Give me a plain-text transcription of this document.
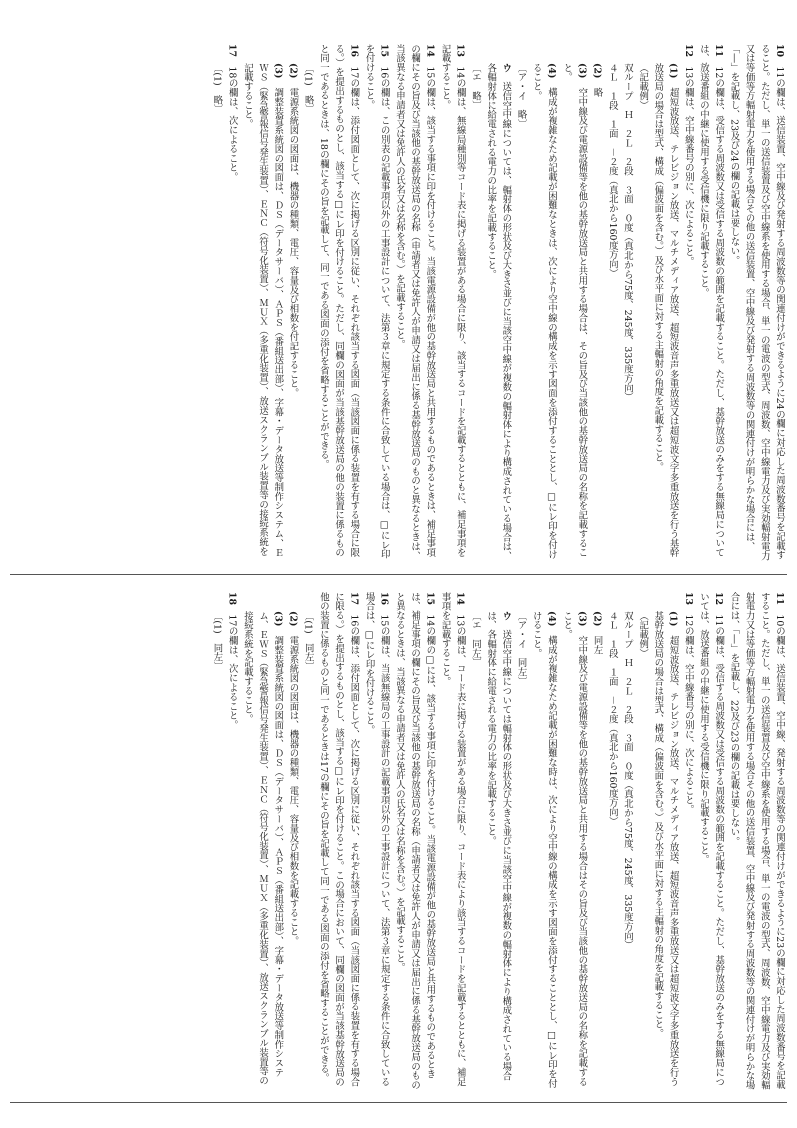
10　11の欄は、送信装置、空中線及び発射する周波数等の関連付けができるように24の欄に対応した周波数番号を記載すること。ただし、単一の送信装置及び空中線系を使用する場合、単一の電波の型式、周波数、空中線電力及び実効輻射電力又は等価等方輻射電力を使用する場合その他の送信装置、空中線及び発射する周波数等の関連付けが明らかな場合には、「―」を記載し、23及び24の欄の記載は要しない。

11　12の欄は、受信する周波数又は受信する周波数の範囲を記載すること。ただし、基幹放送のみをする無線局については、放送番組の中継に使用する受信機に限り記載すること。

12　13の欄は、空中線番号の別に、次によること。

(1)　超短波放送、テレビジョン放送、マルチメディア放送、超短波音声多重放送又は超短波文字多重放送を行う基幹放送局の場合は型式、構成（偏波面を含む。）及び水平面に対する主輻射の角度を記載すること。

（記載例）

双ループ　Ｈ　２Ｌ　２段　３面　０度（真北から75度、245度、335度方向）

４Ｌ　１段　１面　－２度（真北から160度方向）

(2)　略

(3)　空中線及び電源設備等を他の基幹放送局と共用する場合は、その旨及び当該他の基幹放送局の名称を記載すること。

(4)　構成が複雑なため記載が困難なときは、次により空中線の構成を示す図面を添付することとし、□にレ印を付けること。

〔ア・イ　略〕

ウ　送信空中線については、輻射体の形状及び大きさ並びに当該空中線が複数の輻射体により構成されている場合は、各輻射体に給電される電力の比率を記載すること。

〔エ　略〕

13　14の欄は、無線局種別等コード表に掲げる装置がある場合に限り、該当するコードを記載するとともに、補足事項を記載すること。

14　15の欄は、該当する事項に印を付けること。当該電源設備が他の基幹放送局と共用するものであるときは、補足事項の欄にその旨及び当該他の基幹放送局の名称（申請者又は免許人が申請又は届出に係る基幹放送局のものと異なるときは、当該異なる申請者又は免許人の氏名又は名称を含む。）を記載すること。

15　16の欄は、この別表の記載事項以外の工事設計について、法第３章に規定する条件に合致している場合は、□にレ印を付けること。

16　17の欄は、添付図面として、次に掲げる区別に従い、それぞれ該当する図面（当該図面に係る装置を有する場合に限る。）を提出するものとし、該当する□にレ印を付けること。ただし、同欄の図面が当該基幹放送局の他の装置に係るものと同一であるときは、18の欄にその旨を記載して、同一である図面の添付を省略することができる。

〔(1)　略〕

(2)　電源系統図の図面は、機器の種類、電圧、容量及び相数を付記すること。

(3)　調整装置系統図の図面は、ＤＳ（データサーバ）、ＡＰＳ（番組送出部）、字幕・データ放送等制作システム、ＥＷＳ（緊急警報信号発生装置）、ＥＮＣ（符号化装置）、ＭＵＸ（多重化装置）、放送スクランブル装置等の接続系統を記載すること。

17　18の欄は、次によること。

〔(1)　略〕

11　10の欄は、送信装置、空中線、発射する周波数等の関連付けができるように23の欄に対応した周波数番号を記載すること。ただし、単一の送信装置及び空中線系を使用する場合、単一の電波の型式、周波数、空中線電力及び実効輻射電力又は等価等方輻射電力を使用する場合その他の送信装置、空中線及び発射する周波数等の関連付けが明らかな場合には、「―」を記載し、22及び23の欄の記載は要しない。

12　11の欄は、受信する周波数又は受信する周波数の範囲を記載すること。ただし、基幹放送のみをする無線局については、放送番組の中継に使用する受信機に限り記載すること。

13　12の欄は、空中線番号の別に、次によること。

(1)　超短波放送、テレビジョン放送、マルチメディア放送、超短波音声多重放送又は超短波文字多重放送を行う基幹放送局の場合は型式、構成（偏波面を含む。）及び水平面に対する主輻射の角度を記載すること。

（記載例）

双ループ　Ｈ　２Ｌ　２段　３面　０度（真北から75度、245度、335度方向）

４Ｌ　１段　１面　－２度（真北から160度方向）

(2)　同左

(3)　空中線及び電源設備等を他の基幹放送局と共用する場合はその旨及び当該他の基幹放送局の名称を記載すること。

(4)　構成が複雑なため記載が困難な時は、次により空中線の構成を示す図面を添付することとし、□にレ印を付けること。

〔ア・イ　同左〕

ウ　送信空中線については輻射体の形状及び大きさ並びに当該空中線が複数の輻射体により構成されている場合は、各輻射体に給電される電力の比率を記載すること。

〔エ　同左〕

14　13の欄は、コード表に掲げる装置がある場合に限り、コード表により該当するコードを記載するとともに、補足事項を記載すること。

15　14の欄の□には、該当する事項に印を付けること。当該電源設備が他の基幹放送局と共用するものであるときは、補足事項の欄にその旨及び当該他の基幹放送局の名称（申請者又は免許人が申請又は届出に係る基幹放送局のものと異なるときは、当該異なる申請者又は免許人の氏名又は名称を含む。）を記載すること。

16　15の欄は、当該無線局の工事設計の記載事項以外の工事設計について、法第３章に規定する条件に合致している場合は、□にレ印を付けること。

17　16の欄は、添付図面として、次に掲げる区別に従い、それぞれ該当する図面（当該図面に係る装置を有する場合に限る。）を提出するものとし、該当する□にレ印を付けること。この場合において、同欄の図面が当該基幹放送局の他の装置に係るものと同一であるときは17の欄にその旨を記載して同一である図面の添付を省略することができる。

〔(1)　同左〕

(2)　電源系統図の図面は、機器の種類、電圧、容量及び相数を記載すること。

(3)　調整装置系統図の図面は、ＤＳ（データサーバ）、ＡＰＳ（番組送出部）、字幕・データ放送等制作システム、ＥＷＳ（緊急警報信号発生装置）、ＥＮＣ（符号化装置）、ＭＵＸ（多重化装置）、放送スクランブル装置等の接続系統を記載すること。

18　17の欄は、次によること。

〔(1)　同左〕
